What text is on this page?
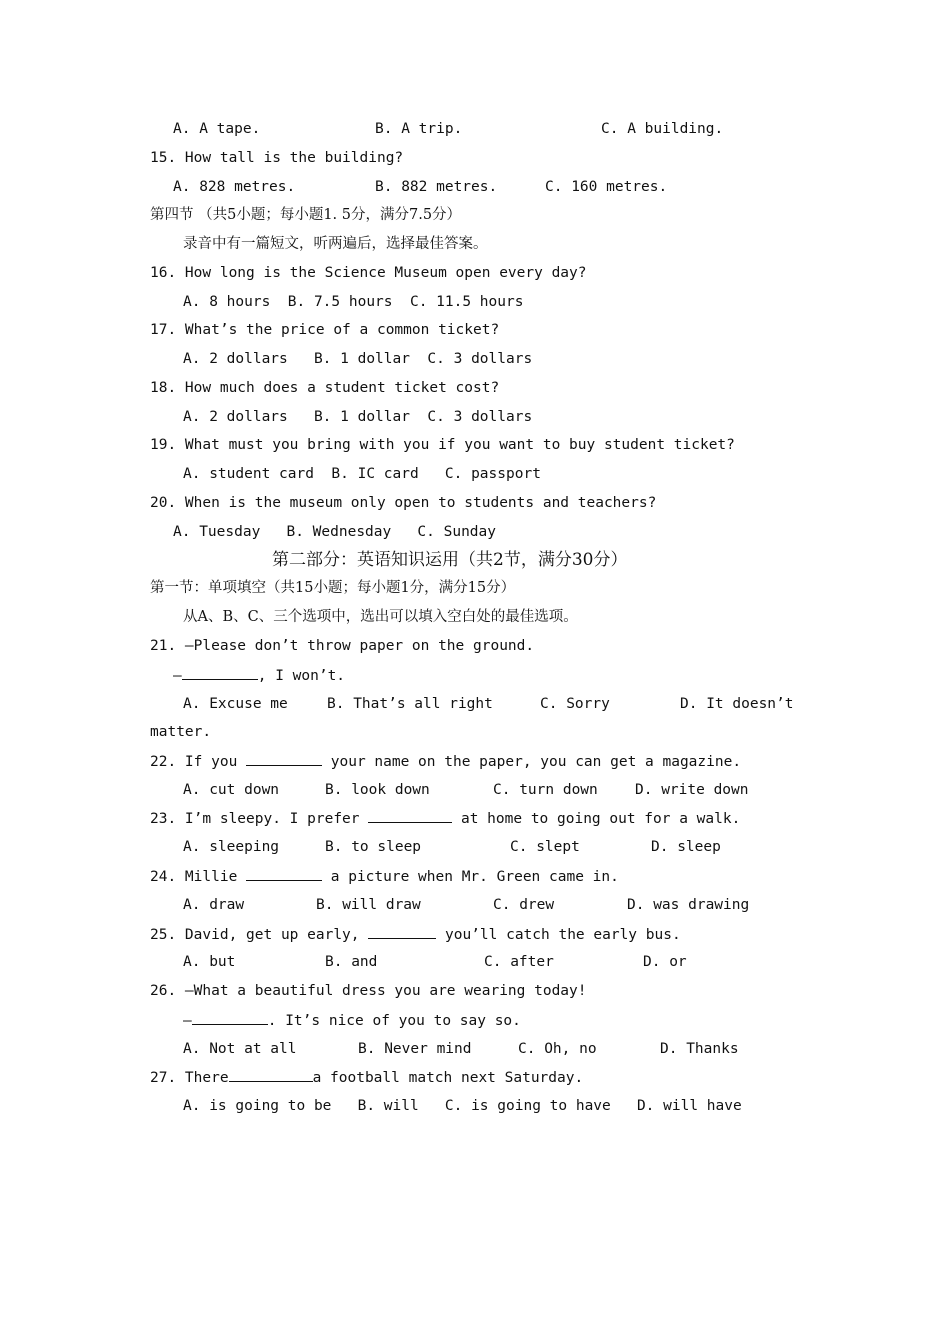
A. A tape.	B. A trip.	C. A building.
15. How tall is the building?
A. 828 metres.	B. 882 metres.	C. 160 metres.
第四节 （共5小题；每小题1. 5分，满分7.5分）
录音中有一篇短文，听两遍后，选择最佳答案。
16. How long is the Science Museum open every day?
A. 8 hours  B. 7.5 hours  C. 11.5 hours
17. What’s the price of a common ticket?
A. 2 dollars   B. 1 dollar  C. 3 dollars
18. How much does a student ticket cost?
A. 2 dollars   B. 1 dollar  C. 3 dollars
19. What must you bring with you if you want to buy student ticket?
A. student card  B. IC card   C. passport
20. When is the museum only open to students and teachers?
A. Tuesday   B. Wednesday   C. Sunday
第二部分：英语知识运用（共2节，满分30分）
第一节：单项填空（共15小题；每小题1分，满分15分）
从A、B、C、三个选项中，选出可以填入空白处的最佳选项。
21. —Please don’t throw paper on the ground.
—	, I won’t.
A. Excuse me	B. That’s all right	C. Sorry	D. It doesn’t
matter.
22. If you	your name on the paper, you can get a magazine.
A. cut down	B. look down	C. turn down	D. write down
23. I’m sleepy. I prefer	at home to going out for a walk.
A. sleeping	B. to sleep	C. slept	D. sleep
24. Millie	a picture when Mr. Green came in.
A. draw	B. will draw	C. drew	D. was drawing
25. David, get up early,	you’ll catch the early bus.
A. but	B. and	C. after	D. or
26. —What a beautiful dress you are wearing today!
—	. It’s nice of you to say so.
A. Not at all	B. Never mind	C. Oh, no	D. Thanks
27. There	a football match next Saturday.
A. is going to be   B. will   C. is going to have   D. will have
